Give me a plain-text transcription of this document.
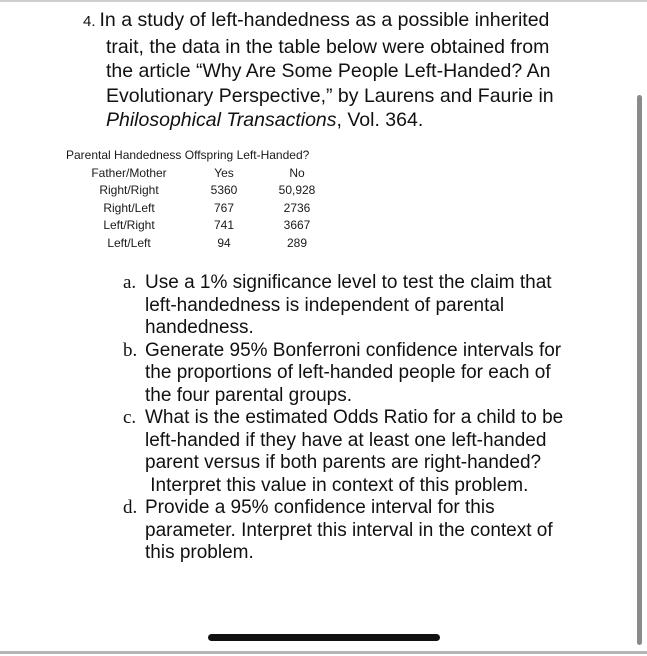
4. In a study of left-handedness as a possible inherited
trait, the data in the table below were obtained from
the article “Why Are Some People Left-Handed? An
Evolutionary Perspective,” by Laurens and Faurie in
Philosophical Transactions, Vol. 364.
Parental Handedness Offspring Left-Handed?
Father/Mother	Yes	No
Right/Right	5360	50,928
Right/Left	767	2736
Left/Right	741	3667
Left/Left	94	289
a. Use a 1% significance level to test the claim that
left-handedness is independent of parental
handedness.
b. Generate 95% Bonferroni confidence intervals for
the proportions of left-handed people for each of
the four parental groups.
c. What is the estimated Odds Ratio for a child to be
left-handed if they have at least one left-handed
parent versus if both parents are right-handed?
Interpret this value in context of this problem.
d. Provide a 95% confidence interval for this
parameter. Interpret this interval in the context of
this problem.
